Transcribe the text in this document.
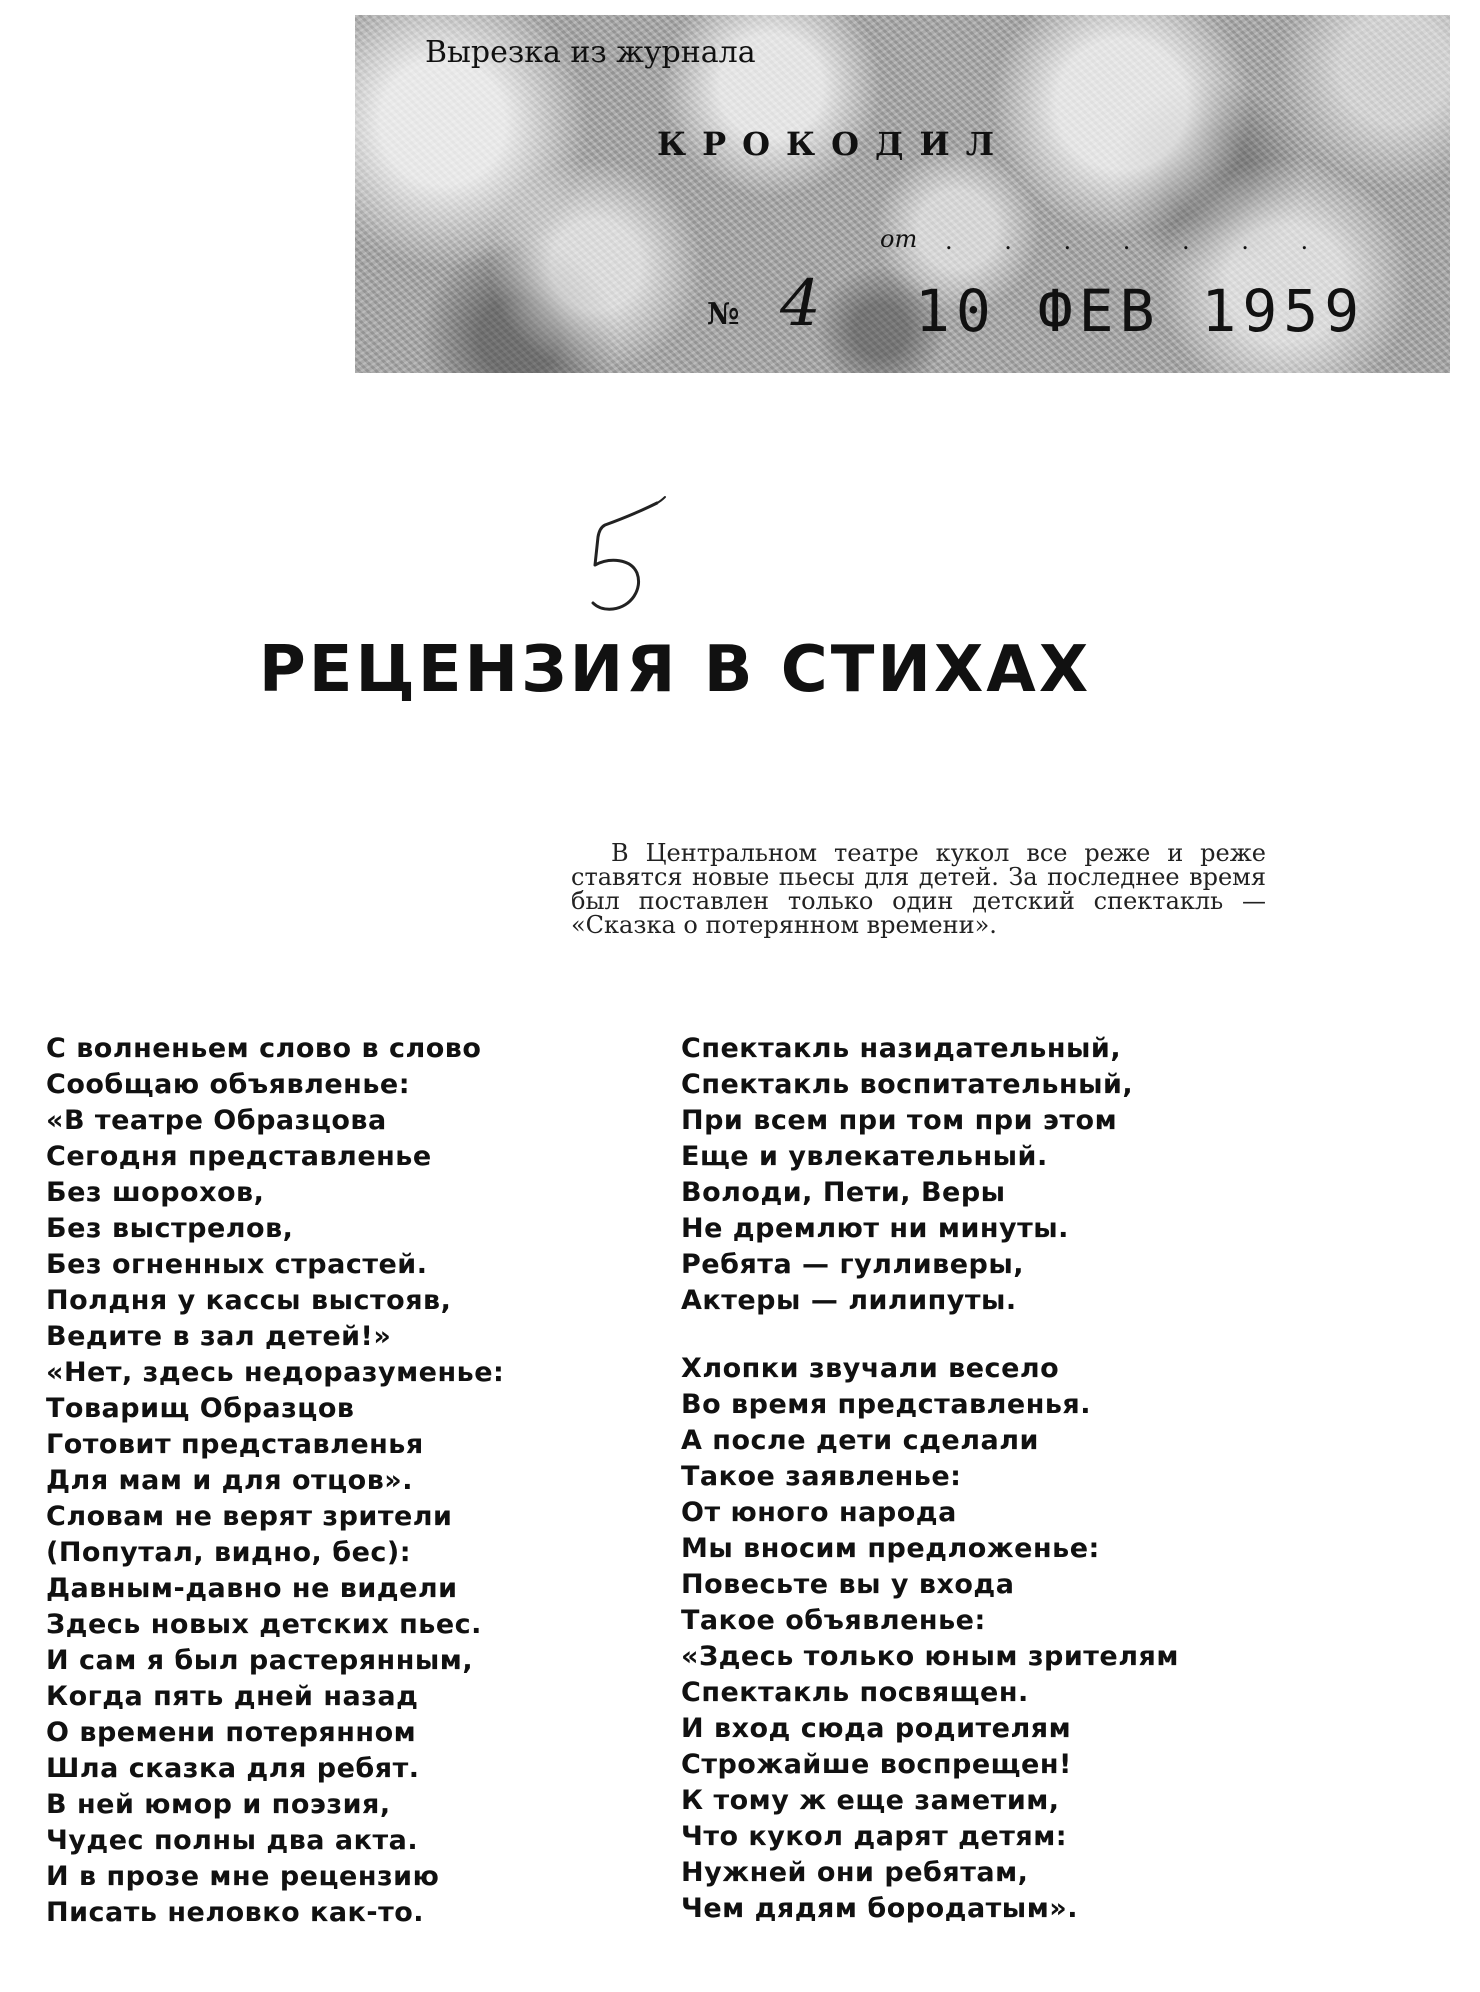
Вырезка из журнала
КРОКОДИЛ
от . . . . . . .
№ 4 10 ФЕВ 1959
РЕЦЕНЗИЯ В СТИХАХ

В Центральном театре кукол все реже и реже ставятся новые пьесы для детей. За последнее время был поставлен только один детский спектакль — «Сказка о потерянном времени».

С волненьем слово в слово
Сообщаю объявленье:
«В театре Образцова
Сегодня представленье
Без шорохов,
Без выстрелов,
Без огненных страстей.
Полдня у кассы выстояв,
Ведите в зал детей!»
«Нет, здесь недоразуменье:
Товарищ Образцов
Готовит представленья
Для мам и для отцов».
Словам не верят зрители
(Попутал, видно, бес):
Давным-давно не видели
Здесь новых детских пьес.
И сам я был растерянным,
Когда пять дней назад
О времени потерянном
Шла сказка для ребят.
В ней юмор и поэзия,
Чудес полны два акта.
И в прозе мне рецензию
Писать неловко как-то.
Спектакль назидательный,
Спектакль воспитательный,
При всем при том при этом
Еще и увлекательный.
Володи, Пети, Веры
Не дремлют ни минуты.
Ребята — гулливеры,
Актеры — лилипуты.
Хлопки звучали весело
Во время представленья.
А после дети сделали
Такое заявленье:
От юного народа
Мы вносим предложенье:
Повесьте вы у входа
Такое объявленье:
«Здесь только юным зрителям
Спектакль посвящен.
И вход сюда родителям
Строжайше воспрещен!
К тому ж еще заметим,
Что кукол дарят детям:
Нужней они ребятам,
Чем дядям бородатым».
